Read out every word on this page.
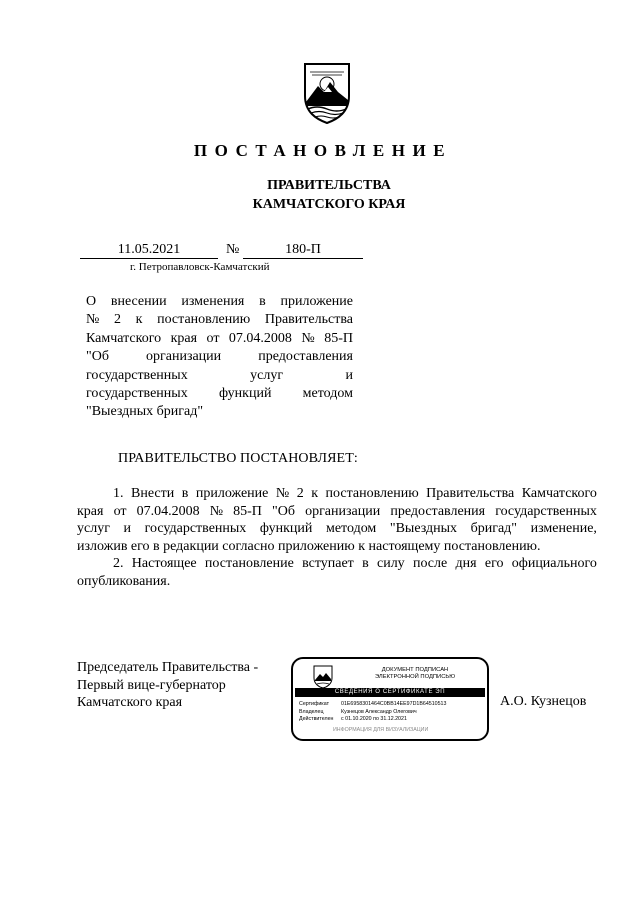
ПОСТАНОВЛЕНИЕ
ПРАВИТЕЛЬСТВА
КАМЧАТСКОГО КРАЯ
11.05.2021	№	180-П
г. Петропавловск-Камчатский
О внесении изменения в приложение
№ 2 к постановлению Правительства
Камчатского края от 07.04.2008 № 85-П
"Об	организации	предоставления
государственных	услуг	и
государственных функций методом
"Выездных бригад"
ПРАВИТЕЛЬСТВО ПОСТАНОВЛЯЕТ:
1. Внести в приложение № 2 к постановлению Правительства Камчатского
края от 07.04.2008 № 85-П "Об организации предоставления государственных
услуг и государственных функций методом "Выездных бригад" изменение,
изложив его в редакции согласно приложению к настоящему постановлению.
2. Настоящее постановление вступает в силу после дня его официального
опубликования.
Председатель Правительства -
Первый вице-губернатор
Камчатского края
ДОКУМЕНТ ПОДПИСАН
ЭЛЕКТРОННОЙ ПОДПИСЬЮ
СВЕДЕНИЯ О СЕРТИФИКАТЕ ЭП
Сертификат	01E6958301464C0BB14EE97D1B64510513
Владелец	Кузнецов Александр Олегович
Действителен	с 01.10.2020 по 31.12.2021
ИНФОРМАЦИЯ ДЛЯ ВИЗУАЛИЗАЦИИ
А.О. Кузнецов
